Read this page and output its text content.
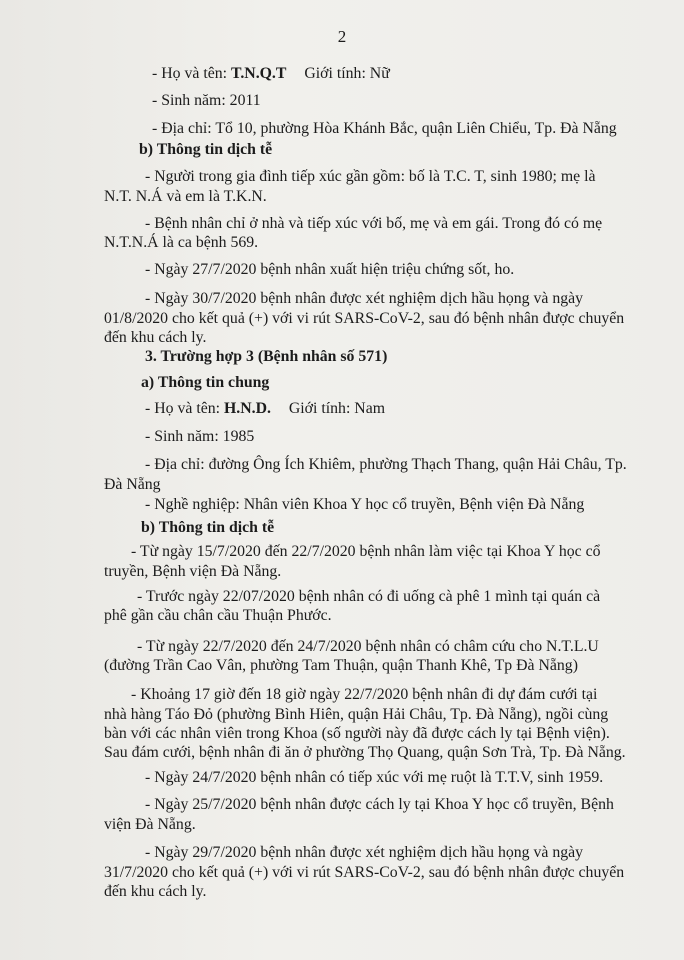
2
- Họ và tên: T.N.Q.T Giới tính: Nữ
- Sinh năm: 2011
- Địa chỉ: Tổ 10, phường Hòa Khánh Bắc, quận Liên Chiểu, Tp. Đà Nẵng
b) Thông tin dịch tễ
- Người trong gia đình tiếp xúc gần gồm: bố là T.C. T, sinh 1980; mẹ là
N.T. N.Á và em là T.K.N.
- Bệnh nhân chỉ ở nhà và tiếp xúc với bố, mẹ và em gái. Trong đó có mẹ
N.T.N.Á là ca bệnh 569.
- Ngày 27/7/2020 bệnh nhân xuất hiện triệu chứng sốt, ho.
- Ngày 30/7/2020 bệnh nhân được xét nghiệm dịch hầu họng và ngày
01/8/2020 cho kết quả (+) với vi rút SARS-CoV-2, sau đó bệnh nhân được chuyển
đến khu cách ly.
3. Trường hợp 3 (Bệnh nhân số 571)
a) Thông tin chung
- Họ và tên: H.N.D. Giới tính: Nam
- Sinh năm: 1985
- Địa chỉ: đường Ông Ích Khiêm, phường Thạch Thang, quận Hải Châu, Tp.
Đà Nẵng
- Nghề nghiệp: Nhân viên Khoa Y học cổ truyền, Bệnh viện Đà Nẵng
b) Thông tin dịch tễ
- Từ ngày 15/7/2020 đến 22/7/2020 bệnh nhân làm việc tại Khoa Y học cổ
truyền, Bệnh viện Đà Nẵng.
- Trước ngày 22/07/2020 bệnh nhân có đi uống cà phê 1 mình tại quán cà
phê gần cầu chân cầu Thuận Phước.
- Từ ngày 22/7/2020 đến 24/7/2020 bệnh nhân có châm cứu cho N.T.L.U
(đường Trần Cao Vân, phường Tam Thuận, quận Thanh Khê, Tp Đà Nẵng)
- Khoảng 17 giờ đến 18 giờ ngày 22/7/2020 bệnh nhân đi dự đám cưới tại
nhà hàng Táo Đỏ (phường Bình Hiên, quận Hải Châu, Tp. Đà Nẵng), ngồi cùng
bàn với các nhân viên trong Khoa (số người này đã được cách ly tại Bệnh viện).
Sau đám cưới, bệnh nhân đi ăn ở phường Thọ Quang, quận Sơn Trà, Tp. Đà Nẵng.
- Ngày 24/7/2020 bệnh nhân có tiếp xúc với mẹ ruột là T.T.V, sinh 1959.
- Ngày 25/7/2020 bệnh nhân được cách ly tại Khoa Y học cổ truyền, Bệnh
viện Đà Nẵng.
- Ngày 29/7/2020 bệnh nhân được xét nghiệm dịch hầu họng và ngày
31/7/2020 cho kết quả (+) với vi rút SARS-CoV-2, sau đó bệnh nhân được chuyển
đến khu cách ly.
